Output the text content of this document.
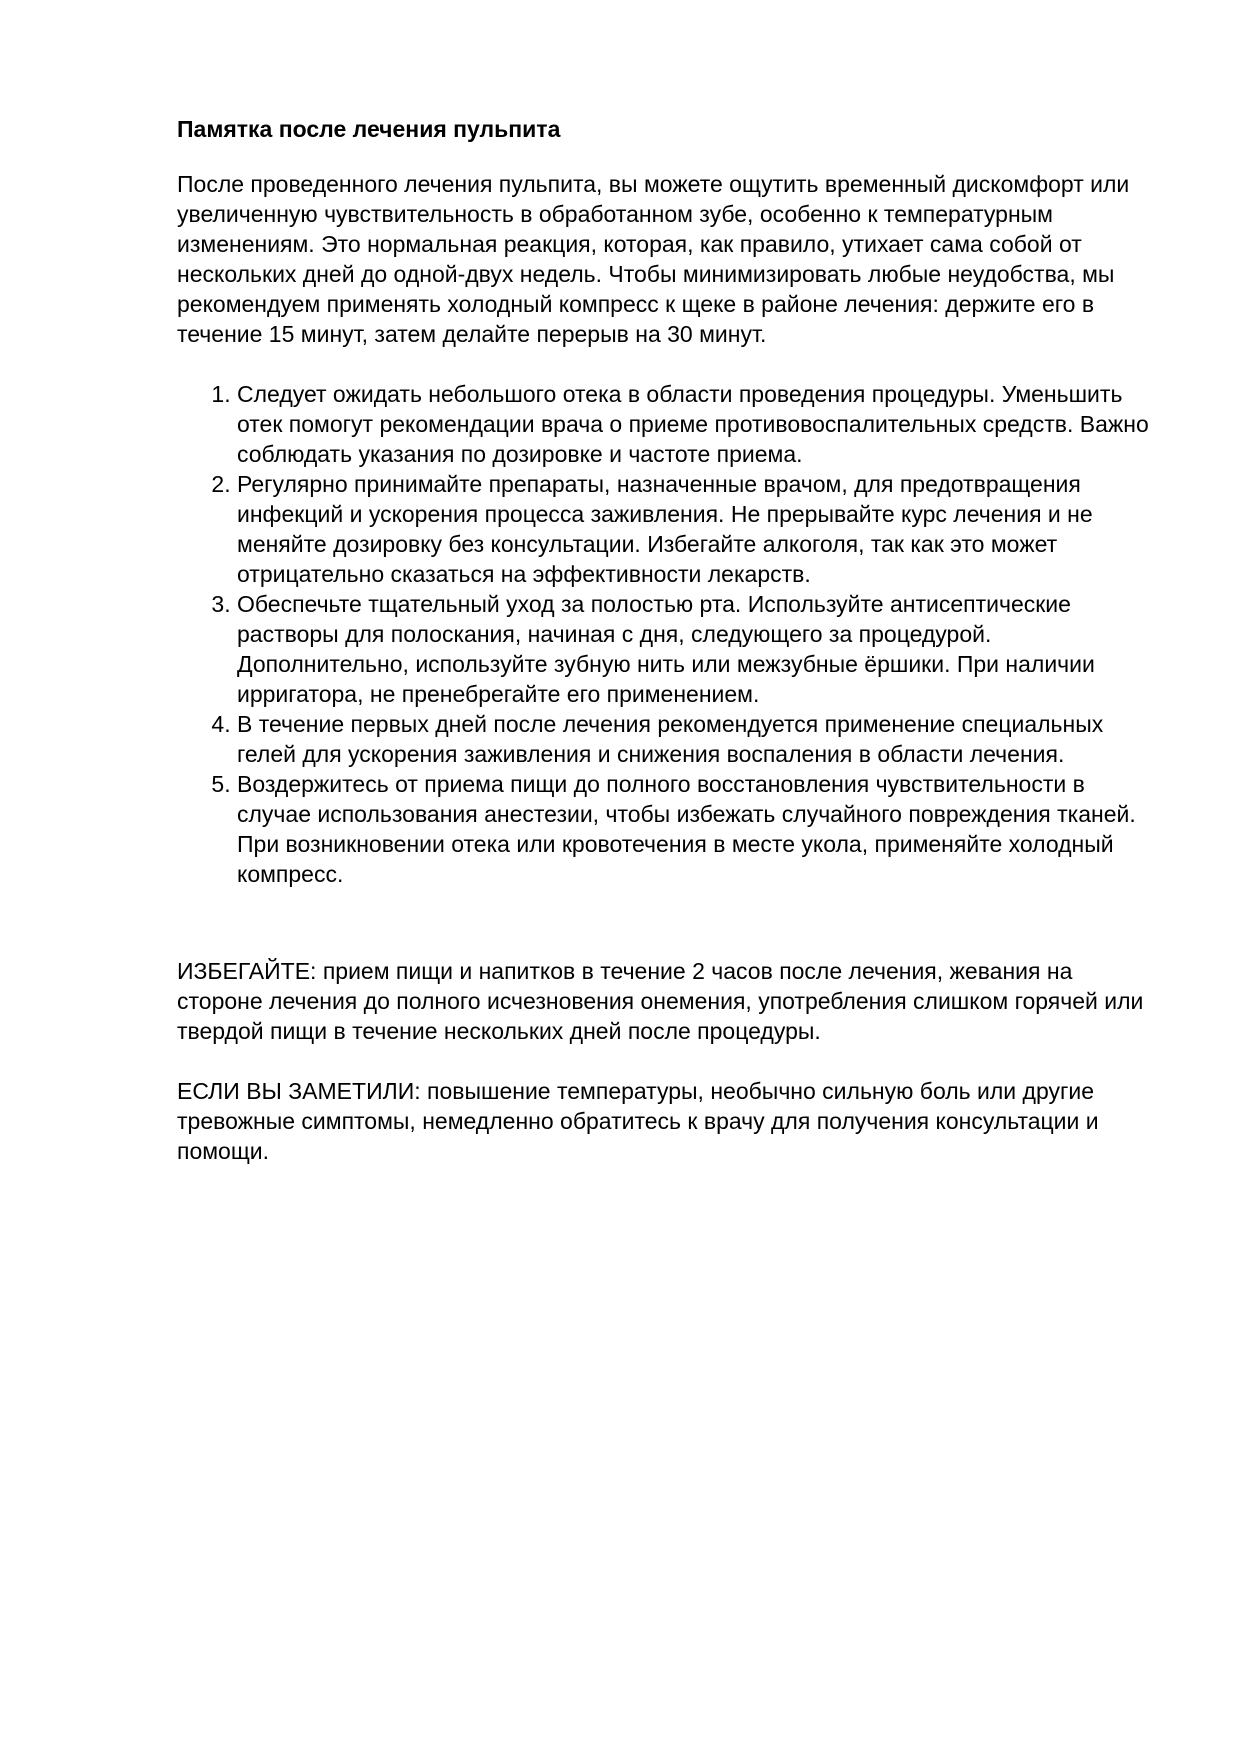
Памятка после лечения пульпита

После проведенного лечения пульпита, вы можете ощутить временный дискомфорт или увеличенную чувствительность в обработанном зубе, особенно к температурным изменениям. Это нормальная реакция, которая, как правило, утихает сама собой от нескольких дней до одной-двух недель. Чтобы минимизировать любые неудобства, мы рекомендуем применять холодный компресс к щеке в районе лечения: держите его в течение 15 минут, затем делайте перерыв на 30 минут.

1. Следует ожидать небольшого отека в области проведения процедуры. Уменьшить отек помогут рекомендации врача о приеме противовоспалительных средств. Важно соблюдать указания по дозировке и частоте приема.
2. Регулярно принимайте препараты, назначенные врачом, для предотвращения инфекций и ускорения процесса заживления. Не прерывайте курс лечения и не меняйте дозировку без консультации. Избегайте алкоголя, так как это может отрицательно сказаться на эффективности лекарств.
3. Обеспечьте тщательный уход за полостью рта. Используйте антисептические растворы для полоскания, начиная с дня, следующего за процедурой. Дополнительно, используйте зубную нить или межзубные ёршики. При наличии ирригатора, не пренебрегайте его применением.
4. В течение первых дней после лечения рекомендуется применение специальных гелей для ускорения заживления и снижения воспаления в области лечения.
5. Воздержитесь от приема пищи до полного восстановления чувствительности в случае использования анестезии, чтобы избежать случайного повреждения тканей. При возникновении отека или кровотечения в месте укола, применяйте холодный компресс.

ИЗБЕГАЙТЕ: прием пищи и напитков в течение 2 часов после лечения, жевания на стороне лечения до полного исчезновения онемения, употребления слишком горячей или твердой пищи в течение нескольких дней после процедуры.

ЕСЛИ ВЫ ЗАМЕТИЛИ: повышение температуры, необычно сильную боль или другие тревожные симптомы, немедленно обратитесь к врачу для получения консультации и помощи.
